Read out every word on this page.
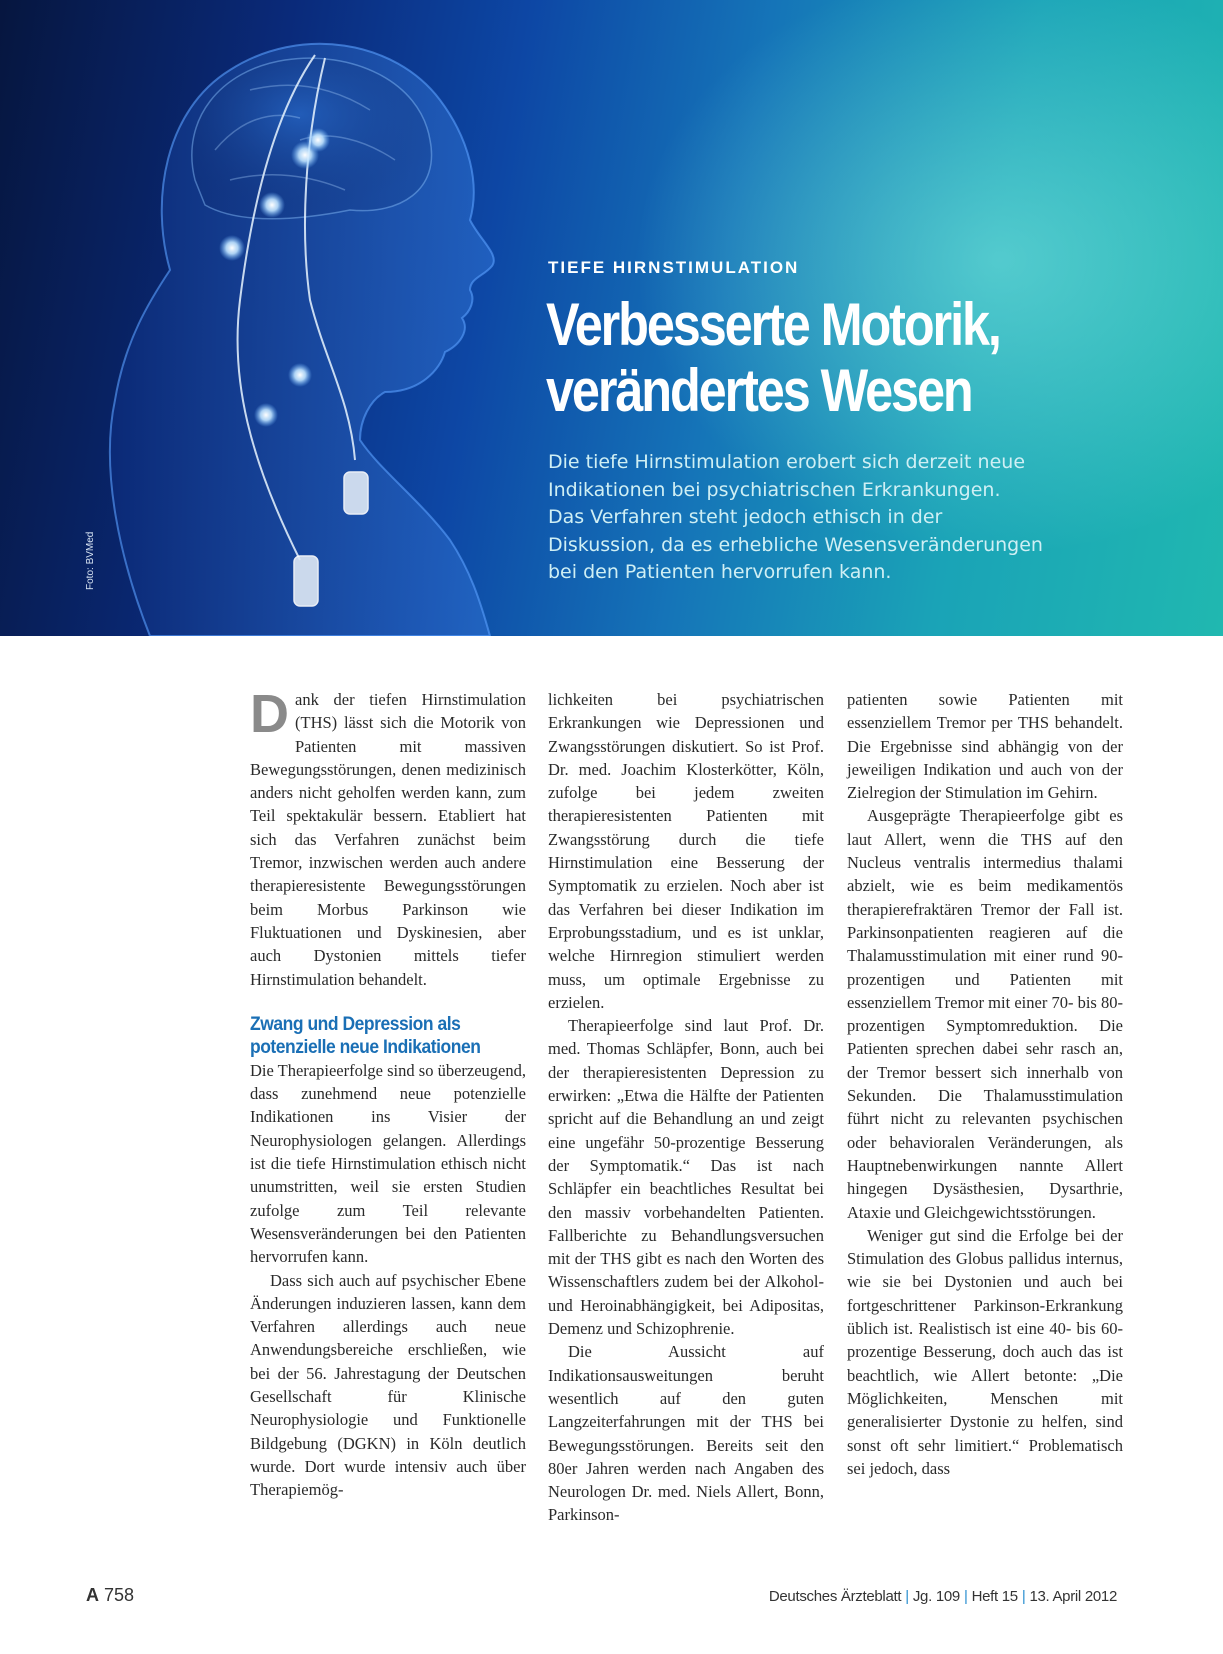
Foto: BVMed
TIEFE HIRNSTIMULATION
Verbesserte Motorik,
verändertes Wesen
Die tiefe Hirnstimulation erobert sich derzeit neue
Indikationen bei psychiatrischen Erkrankungen.
Das Verfahren steht jedoch ethisch in der
Diskussion, da es erhebliche Wesensveränderungen
bei den Patienten hervorrufen kann.

Dank der tiefen Hirnstimulation (THS) lässt sich die Motorik von Patienten mit massiven Bewegungsstörungen, denen medizinisch anders nicht geholfen werden kann, zum Teil spektakulär bessern. Etabliert hat sich das Verfahren zunächst beim Tremor, inzwischen werden auch andere therapieresistente Bewegungsstörungen beim Morbus Parkinson wie Fluktuationen und Dyskinesien, aber auch Dystonien mittels tiefer Hirnstimulation behandelt.

Zwang und Depression als
potenzielle neue Indikationen

Die Therapieerfolge sind so überzeugend, dass zunehmend neue potenzielle Indikationen ins Visier der Neurophysiologen gelangen. Allerdings ist die tiefe Hirnstimulation ethisch nicht unumstritten, weil sie ersten Studien zufolge zum Teil relevante Wesensveränderungen bei den Patienten hervorrufen kann.

Dass sich auch auf psychischer Ebene Änderungen induzieren lassen, kann dem Verfahren allerdings auch neue Anwendungsbereiche erschließen, wie bei der 56. Jahrestagung der Deutschen Gesellschaft für Klinische Neurophysiologie und Funktionelle Bildgebung (DGKN) in Köln deutlich wurde. Dort wurde intensiv auch über Therapiemög-

lichkeiten bei psychiatrischen Erkrankungen wie Depressionen und Zwangsstörungen diskutiert. So ist Prof. Dr. med. Joachim Klosterkötter, Köln, zufolge bei jedem zweiten therapieresistenten Patienten mit Zwangsstörung durch die tiefe Hirnstimulation eine Besserung der Symptomatik zu erzielen. Noch aber ist das Verfahren bei dieser Indikation im Erprobungsstadium, und es ist unklar, welche Hirnregion stimuliert werden muss, um optimale Ergebnisse zu erzielen.

Therapieerfolge sind laut Prof. Dr. med. Thomas Schläpfer, Bonn, auch bei der therapieresistenten Depression zu erwirken: „Etwa die Hälfte der Patienten spricht auf die Behandlung an und zeigt eine ungefähr 50-prozentige Besserung der Symptomatik.“ Das ist nach Schläpfer ein beachtliches Resultat bei den massiv vorbehandelten Patienten. Fallberichte zu Behandlungsversuchen mit der THS gibt es nach den Worten des Wissenschaftlers zudem bei der Alkohol- und Heroinabhängigkeit, bei Adipositas, Demenz und Schizophrenie.

Die Aussicht auf Indikationsausweitungen beruht wesentlich auf den guten Langzeiterfahrungen mit der THS bei Bewegungsstörungen. Bereits seit den 80er Jahren werden nach Angaben des Neurologen Dr. med. Niels Allert, Bonn, Parkinson-

patienten sowie Patienten mit essenziellem Tremor per THS behandelt. Die Ergebnisse sind abhängig von der jeweiligen Indikation und auch von der Zielregion der Stimulation im Gehirn.

Ausgeprägte Therapieerfolge gibt es laut Allert, wenn die THS auf den Nucleus ventralis intermedius thalami abzielt, wie es beim medikamentös therapierefraktären Tremor der Fall ist. Parkinsonpatienten reagieren auf die Thalamusstimulation mit einer rund 90-prozentigen und Patienten mit essenziellem Tremor mit einer 70- bis 80-prozentigen Symptomreduktion. Die Patienten sprechen dabei sehr rasch an, der Tremor bessert sich innerhalb von Sekunden. Die Thalamusstimulation führt nicht zu relevanten psychischen oder behavioralen Veränderungen, als Hauptnebenwirkungen nannte Allert hingegen Dysästhesien, Dysarthrie, Ataxie und Gleichgewichtsstörungen.

Weniger gut sind die Erfolge bei der Stimulation des Globus pallidus internus, wie sie bei Dystonien und auch bei fortgeschrittener Parkinson-Erkrankung üblich ist. Realistisch ist eine 40- bis 60-prozentige Besserung, doch auch das ist beachtlich, wie Allert betonte: „Die Möglichkeiten, Menschen mit generalisierter Dystonie zu helfen, sind sonst oft sehr limitiert.“ Problematisch sei jedoch, dass

A 758	Deutsches Ärzteblatt | Jg. 109 | Heft 15 | 13. April 2012
